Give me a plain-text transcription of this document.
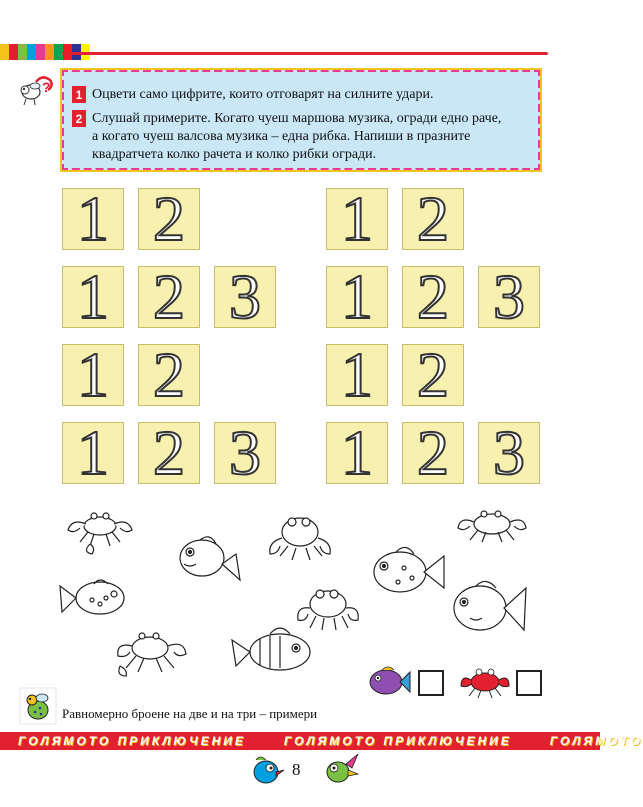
?	1 Оцвети само цифрите, които отговарят на силните удари.
2 Слушай примерите. Когато чуеш маршова музика, огради едно раче,
а когато чуеш валсова музика – една рибка. Напиши в празните
квадратчета колко рачета и колко рибки огради.
1 2
1 2 3
1 2
1 2 3
1 2
1 2 3
1 2
1 2 3
Равномерно броене на две и на три – примери
ГОЛЯМОТО ПРИКЛЮЧЕНИЕ	ГОЛЯМОТО ПРИКЛЮЧЕНИЕ	ГОЛЯМОТО
8
